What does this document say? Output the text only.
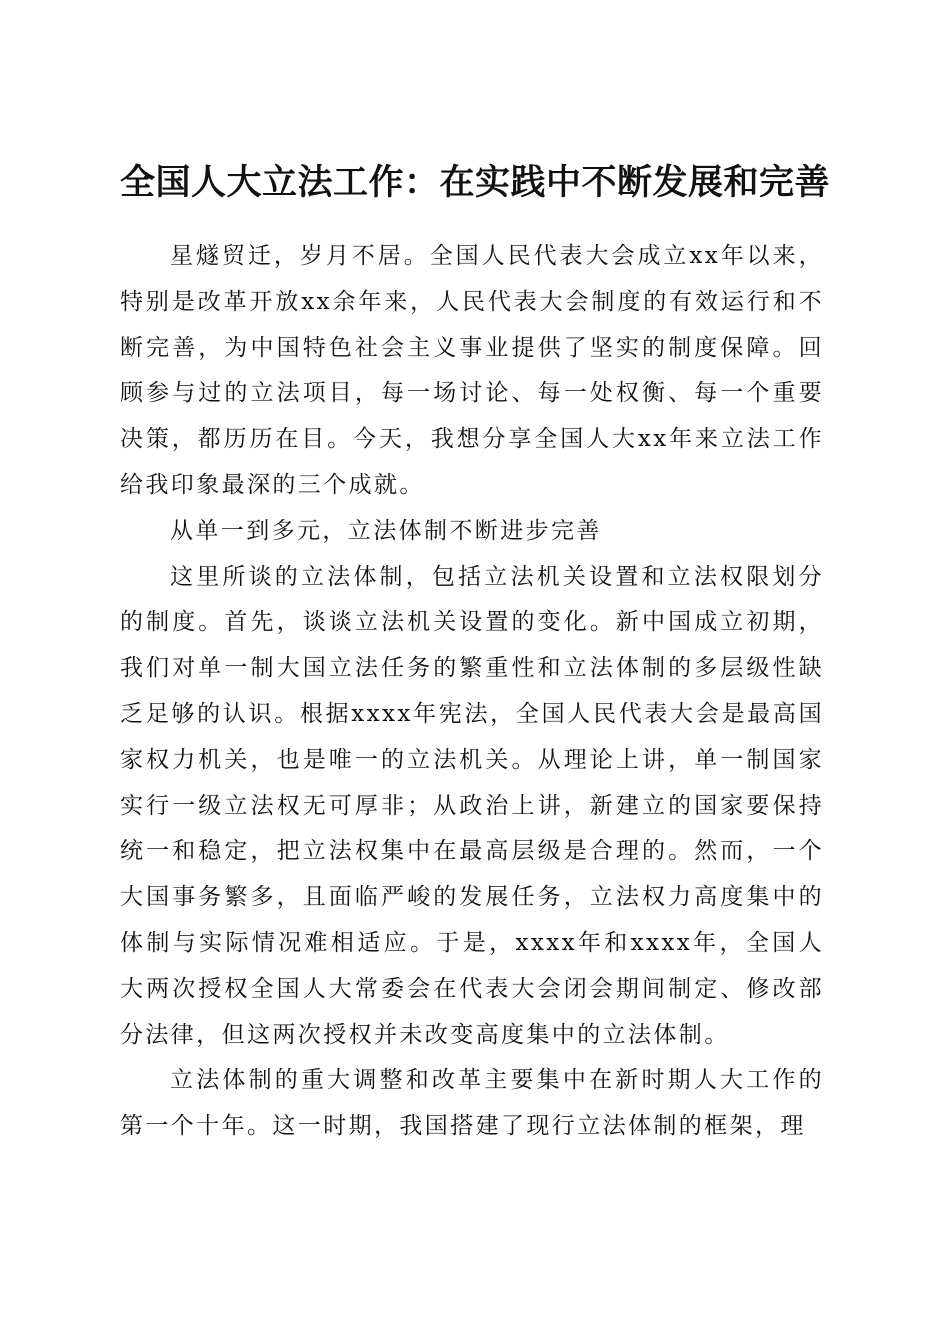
全国人大立法工作：在实践中不断发展和完善

星燧贸迁，岁月不居。全国人民代表大会成立xx年以来，特别是改革开放xx余年来，人民代表大会制度的有效运行和不断完善，为中国特色社会主义事业提供了坚实的制度保障。回顾参与过的立法项目，每一场讨论、每一处权衡、每一个重要决策，都历历在目。今天，我想分享全国人大xx年来立法工作给我印象最深的三个成就。

从单一到多元，立法体制不断进步完善

这里所谈的立法体制，包括立法机关设置和立法权限划分的制度。首先，谈谈立法机关设置的变化。新中国成立初期，我们对单一制大国立法任务的繁重性和立法体制的多层级性缺乏足够的认识。根据xxxx年宪法，全国人民代表大会是最高国家权力机关，也是唯一的立法机关。从理论上讲，单一制国家实行一级立法权无可厚非；从政治上讲，新建立的国家要保持统一和稳定，把立法权集中在最高层级是合理的。然而，一个大国事务繁多，且面临严峻的发展任务，立法权力高度集中的体制与实际情况难相适应。于是，xxxx年和xxxx年，全国人大两次授权全国人大常委会在代表大会闭会期间制定、修改部分法律，但这两次授权并未改变高度集中的立法体制。

立法体制的重大调整和改革主要集中在新时期人大工作的第一个十年。这一时期，我国搭建了现行立法体制的框架，理
